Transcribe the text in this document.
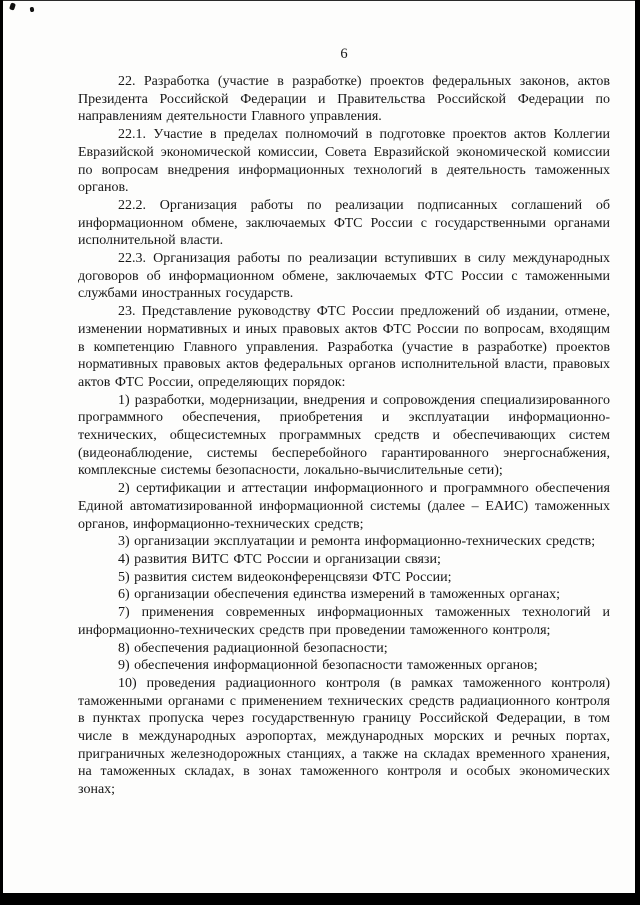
6

22. Разработка (участие в разработке) проектов федеральных законов, актов Президента Российской Федерации и Правительства Российской Федерации по направлениям деятельности Главного управления.

22.1. Участие в пределах полномочий в подготовке проектов актов Коллегии Евразийской экономической комиссии, Совета Евразийской экономической комиссии по вопросам внедрения информационных технологий в деятельность таможенных органов.

22.2. Организация работы по реализации подписанных соглашений об информационном обмене, заключаемых ФТС России с государственными органами исполнительной власти.

22.3. Организация работы по реализации вступивших в силу международных договоров об информационном обмене, заключаемых ФТС России с таможенными службами иностранных государств.

23. Представление руководству ФТС России предложений об издании, отмене, изменении нормативных и иных правовых актов ФТС России по вопросам, входящим в компетенцию Главного управления. Разработка (участие в разработке) проектов нормативных правовых актов федеральных органов исполнительной власти, правовых актов ФТС России, определяющих порядок:

1) разработки, модернизации, внедрения и сопровождения специализированного программного обеспечения, приобретения и эксплуатации информационно-технических, общесистемных программных средств и обеспечивающих систем (видеонаблюдение, системы бесперебойного гарантированного энергоснабжения, комплексные системы безопасности, локально-вычислительные сети);

2) сертификации и аттестации информационного и программного обеспечения Единой автоматизированной информационной системы (далее – ЕАИС) таможенных органов, информационно-технических средств;

3) организации эксплуатации и ремонта информационно-технических средств;

4) развития ВИТС ФТС России и организации связи;

5) развития систем видеоконференцсвязи ФТС России;

6) организации обеспечения единства измерений в таможенных органах;

7) применения современных информационных таможенных технологий и информационно-технических средств при проведении таможенного контроля;

8) обеспечения радиационной безопасности;

9) обеспечения информационной безопасности таможенных органов;

10) проведения радиационного контроля (в рамках таможенного контроля) таможенными органами с применением технических средств радиационного контроля в пунктах пропуска через государственную границу Российской Федерации, в том числе в международных аэропортах, международных морских и речных портах, приграничных железнодорожных станциях, а также на складах временного хранения, на таможенных складах, в зонах таможенного контроля и особых экономических зонах;
